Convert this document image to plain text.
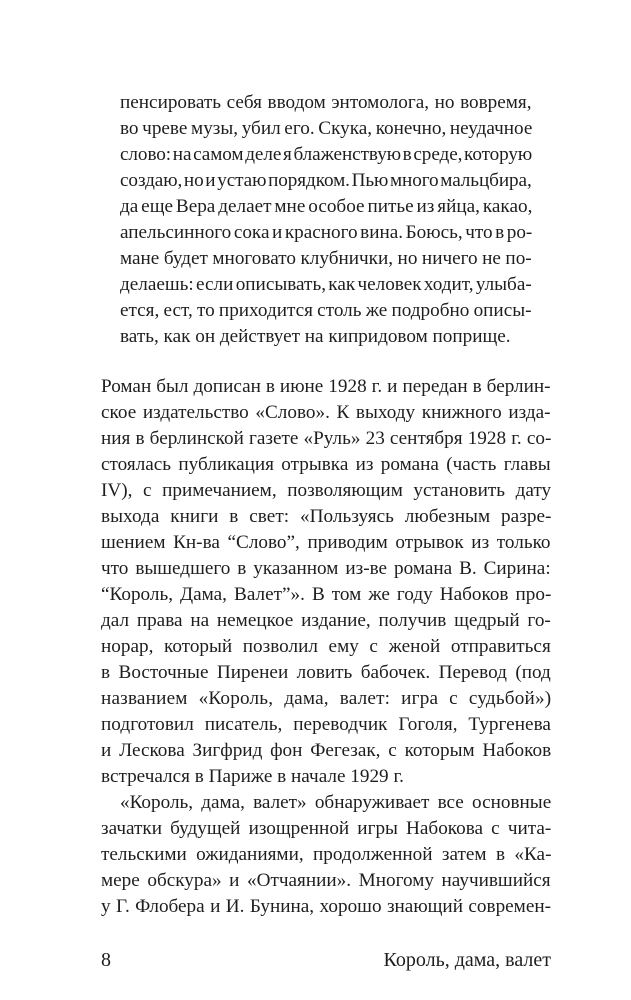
пенсировать себя вводом энтомолога, но вовремя,
во чреве музы, убил его. Скука, конечно, неудачное
слово: на самом деле я блаженствую в среде, которую
создаю, но и устаю порядком. Пью много мальцбира,
да еще Вера делает мне особое питье из яйца, какао,
апельсинного сока и красного вина. Боюсь, что в ро-
мане будет многовато клубнички, но ничего не по-
делаешь: если описывать, как человек ходит, улыба-
ется, ест, то приходится столь же подробно описы-
вать, как он действует на кипридовом поприще.
Роман был дописан в июне 1928 г. и передан в берлин-
ское издательство «Слово». К выходу книжного изда-
ния в берлинской газете «Руль» 23 сентября 1928 г. со-
стоялась публикация отрывка из романа (часть главы
IV), с примечанием, позволяющим установить дату
выхода книги в свет: «Пользуясь любезным разре-
шением Кн-ва “Слово”, приводим отрывок из только
что вышедшего в указанном из-ве романа В. Сирина:
“Король, Дама, Валет”». В том же году Набоков про-
дал права на немецкое издание, получив щедрый го-
норар, который позволил ему с женой отправиться
в Восточные Пиренеи ловить бабочек. Перевод (под
названием «Король, дама, валет: игра с судьбой»)
подготовил писатель, переводчик Гоголя, Тургенева
и Лескова Зигфрид фон Фегезак, с которым Набоков
встречался в Париже в начале 1929 г.
«Король, дама, валет» обнаруживает все основные
зачатки будущей изощренной игры Набокова с чита-
тельскими ожиданиями, продолженной затем в «Ка-
мере обскура» и «Отчаянии». Многому научившийся
у Г. Флобера и И. Бунина, хорошо знающий современ-
8	Король, дама, валет
